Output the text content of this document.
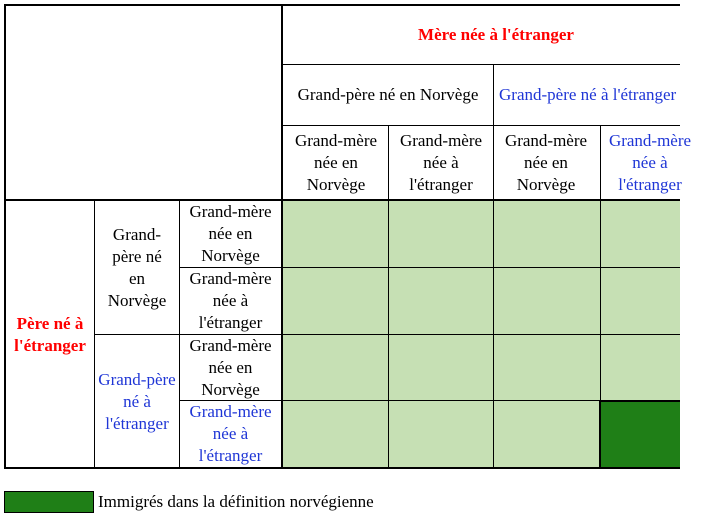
Mère née à l'étranger
Grand-père né en Norvège	Grand-père né à l'étranger
Grand-mère née en Norvège
Grand-mère née à l'étranger
Grand-mère née en Norvège
Grand-mère née à l'étranger
Père né à l'étranger
Grand-père né en Norvège
Grand-père né à l'étranger
Grand-mère née en Norvège
Grand-mère née à l'étranger
Grand-mère née en Norvège
Grand-mère née à l'étranger
Immigrés dans la définition norvégienne
